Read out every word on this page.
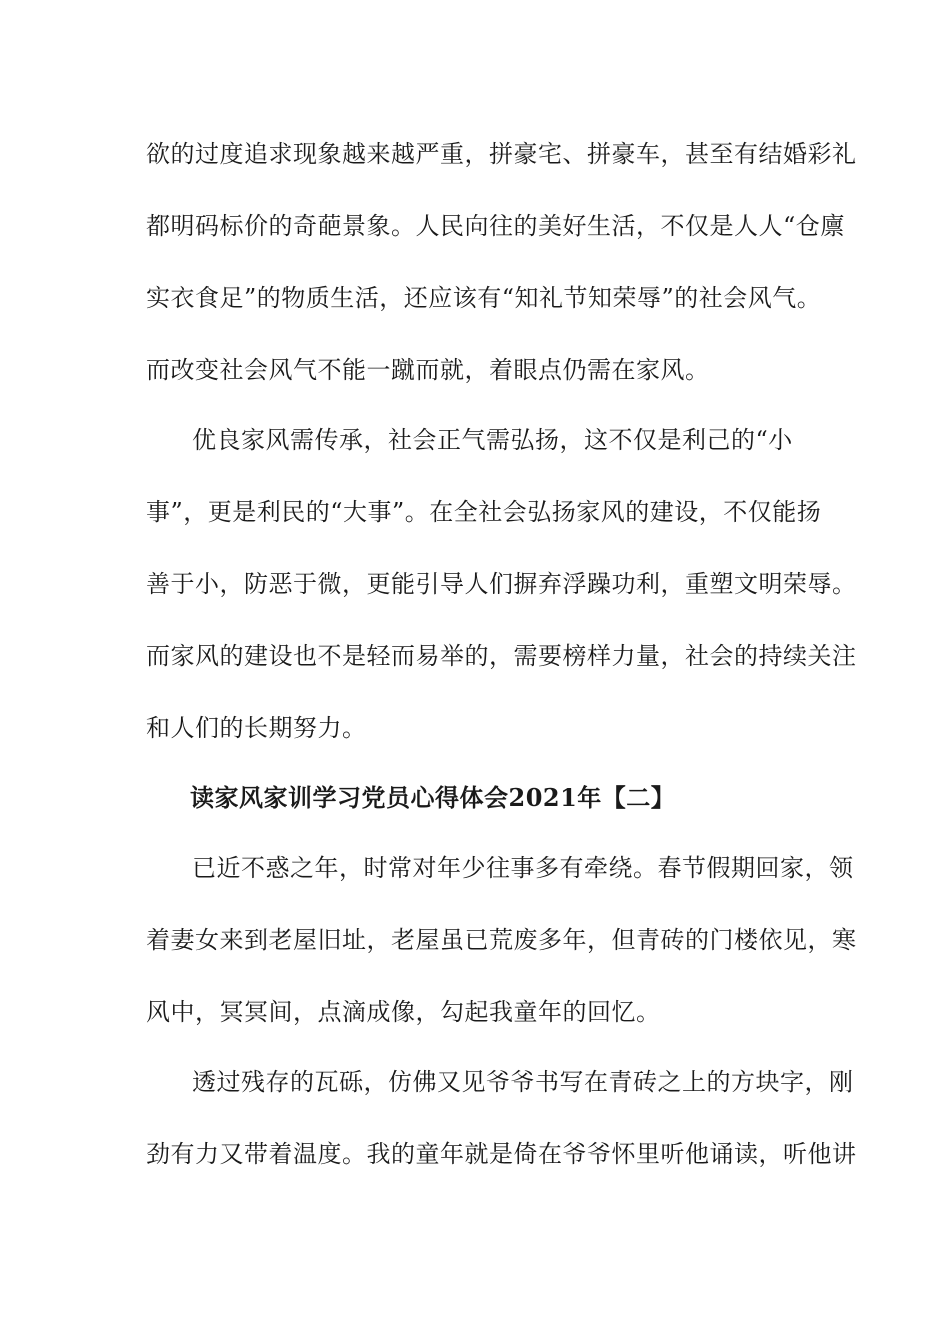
欲的过度追求现象越来越严重，拼豪宅、拼豪车，甚至有结婚彩礼
都明码标价的奇葩景象。人民向往的美好生活，不仅是人人“仓廪
实衣食足”的物质生活，还应该有“知礼节知荣辱”的社会风气。
而改变社会风气不能一蹴而就，着眼点仍需在家风。
优良家风需传承，社会正气需弘扬，这不仅是利己的“小
事”，更是利民的“大事”。在全社会弘扬家风的建设，不仅能扬
善于小，防恶于微，更能引导人们摒弃浮躁功利，重塑文明荣辱。
而家风的建设也不是轻而易举的，需要榜样力量，社会的持续关注
和人们的长期努力。
读家风家训学习党员心得体会2021年【二】
已近不惑之年，时常对年少往事多有牵绕。春节假期回家，领
着妻女来到老屋旧址，老屋虽已荒废多年，但青砖的门楼依见，寒
风中，冥冥间，点滴成像，勾起我童年的回忆。
透过残存的瓦砾，仿佛又见爷爷书写在青砖之上的方块字，刚
劲有力又带着温度。我的童年就是倚在爷爷怀里听他诵读，听他讲
